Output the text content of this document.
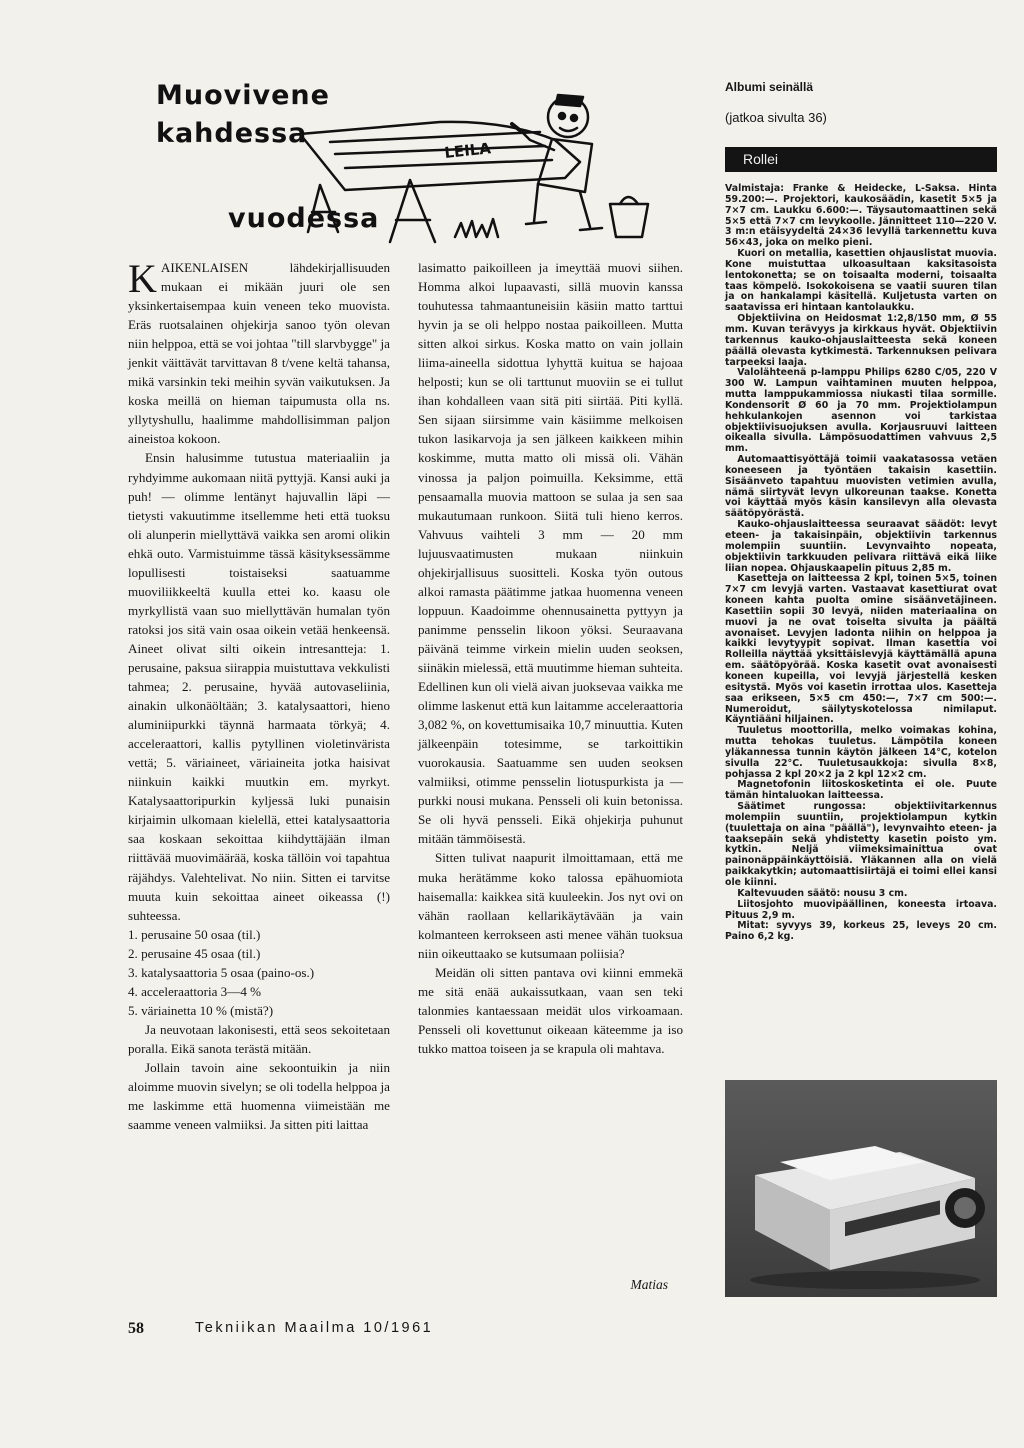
Muovivene
kahdessa
vuodessa
LEILA

KAIKENLAISEN lähdekirjallisuuden mukaan ei mikään juuri ole sen yksinkertaisempaa kuin veneen teko muovista. Eräs ruotsalainen ohjekirja sanoo työn olevan niin helppoa, että se voi johtaa "till slarvbygge" ja jenkit väittävät tarvittavan 8 t/vene keltä tahansa, mikä varsinkin teki meihin syvän vaikutuksen. Ja koska meillä on hieman taipumusta olla ns. yllytyshullu, haalimme mahdollisimman paljon aineistoa kokoon.

Ensin halusimme tutustua materiaaliin ja ryhdyimme aukomaan niitä pyttyjä. Kansi auki ja puh! — olimme lentänyt hajuvallin läpi — tietysti vakuutimme itsellemme heti että tuoksu oli alunperin miellyttävä vaikka sen aromi olikin ehkä outo. Varmistuimme tässä käsityksessämme lopullisesti toistaiseksi saatuamme muoviliikkeeltä kuulla ettei ko. kaasu ole myrkyllistä vaan suo miellyttävän humalan työn ratoksi jos sitä vain osaa oikein vetää henkeensä. Aineet olivat silti oikein intresantteja: 1. perusaine, paksua siirappia muistuttava vekkulisti tahmea; 2. perusaine, hyvää autovaseliinia, ainakin ulkonäöltään; 3. katalysaattori, hieno aluminiipurkki täynnä harmaata törkyä; 4. acceleraattori, kallis pytyllinen violetinvärista vettä; 5. väriaineet, väriaineita jotka haisivat niinkuin kaikki muutkin em. myrkyt. Katalysaattoripurkin kyljessä luki punaisin kirjaimin ulkomaan kielellä, ettei katalysaattoria saa koskaan sekoittaa kiihdyttäjään ilman riittävää muovimäärää, koska tällöin voi tapahtua räjähdys. Valehtelivat. No niin. Sitten ei tarvitse muuta kuin sekoittaa aineet oikeassa (!) suhteessa.

1. perusaine 50 osaa (til.)

2. perusaine 45 osaa (til.)

3. katalysaattoria 5 osaa (paino-os.)

4. acceleraattoria 3—4 %

5. väriainetta 10 % (mistä?)

Ja neuvotaan lakonisesti, että seos sekoitetaan poralla. Eikä sanota terästä mitään.

Jollain tavoin aine sekoontuikin ja niin aloimme muovin sivelyn; se oli todella helppoa ja me laskimme että huomenna viimeistään me saamme veneen valmiiksi. Ja sitten piti laittaa

lasimatto paikoilleen ja imeyttää muovi siihen. Homma alkoi lupaavasti, sillä muovin kanssa touhutessa tahmaantuneisiin käsiin matto tarttui hyvin ja se oli helppo nostaa paikoilleen. Mutta sitten alkoi sirkus. Koska matto on vain jollain liima-aineella sidottua lyhyttä kuitua se hajoaa helposti; kun se oli tarttunut muoviin se ei tullut ihan kohdalleen vaan sitä piti siirtää. Piti kyllä. Sen sijaan siirsimme vain käsiimme melkoisen tukon lasikarvoja ja sen jälkeen kaikkeen mihin koskimme, mutta matto oli missä oli. Vähän vinossa ja paljon poimuilla. Keksimme, että pensaamalla muovia mattoon se sulaa ja sen saa mukautumaan runkoon. Siitä tuli hieno kerros. Vahvuus vaihteli 3 mm — 20 mm lujuusvaatimusten mukaan niinkuin ohjekirjallisuus suositteli. Koska työn outous alkoi ramasta päätimme jatkaa huomenna veneen loppuun. Kaadoimme ohennusainetta pyttyyn ja panimme pensselin likoon yöksi. Seuraavana päivänä teimme virkein mielin uuden seoksen, siinäkin mielessä, että muutimme hieman suhteita. Edellinen kun oli vielä aivan juoksevaa vaikka me olimme laskenut että kun laitamme acceleraattoria 3,082 %, on kovettumisaika 10,7 minuuttia. Kuten jälkeenpäin totesimme, se tarkoittikin vuorokausia. Saatuamme sen uuden seoksen valmiiksi, otimme pensselin liotuspurkista ja — purkki nousi mukana. Pensseli oli kuin betonissa. Se oli hyvä pensseli. Eikä ohjekirja puhunut mitään tämmöisestä.

Sitten tulivat naapurit ilmoittamaan, että me muka herätämme koko talossa epähuomiota haisemalla: kaikkea sitä kuuleekin. Jos nyt ovi on vähän raollaan kellarikäytävään ja vain kolmanteen kerrokseen asti menee vähän tuoksua niin oikeuttaako se kutsumaan poliisia?

Meidän oli sitten pantava ovi kiinni emmekä me sitä enää aukaissutkaan, vaan sen teki talonmies kantaessaan meidät ulos virkoamaan. Pensseli oli kovettunut oikeaan käteemme ja iso tukko mattoa toiseen ja se krapula oli mahtava.

Matias
Albumi seinällä
(jatkoa sivulta 36)
Rollei

Valmistaja: Franke & Heidecke, L-Saksa. Hinta 59.200:—. Projektori, kaukosäädin, kasetit 5×5 ja 7×7 cm. Laukku 6.600:—. Täysautomaattinen sekä 5×5 että 7×7 cm levykoolle. Jännitteet 110—220 V. 3 m:n etäisyydeltä 24×36 levyllä tarkennettu kuva 56×43, joka on melko pieni.

Kuori on metallia, kasettien ohjauslistat muovia. Kone muistuttaa ulkoasultaan kaksitasoista lentokonetta; se on toisaalta moderni, toisaalta taas kömpelö. Isokokoisena se vaatii suuren tilan ja on hankalampi käsitellä. Kuljetusta varten on saatavissa eri hintaan kantolaukku.

Objektiivina on Heidosmat 1:2,8/150 mm, Ø 55 mm. Kuvan terävyys ja kirkkaus hyvät. Objektiivin tarkennus kauko-ohjauslaitteesta sekä koneen päällä olevasta kytkimestä. Tarkennuksen pelivara tarpeeksi laaja.

Valolähteenä p-lamppu Philips 6280 C/05, 220 V 300 W. Lampun vaihtaminen muuten helppoa, mutta lamppukammiossa niukasti tilaa sormille. Kondensorit Ø 60 ja 70 mm. Projektiolampun hehkulankojen asennon voi tarkistaa objektiivisuojuksen avulla. Korjausruuvi laitteen oikealla sivulla. Lämpösuodattimen vahvuus 2,5 mm.

Automaattisyöttäjä toimii vaakatasossa vetäen koneeseen ja työntäen takaisin kasettiin. Sisäänveto tapahtuu muovisten vetimien avulla, nämä siirtyvät levyn ulkoreunan taakse. Konetta voi käyttää myös käsin kansilevyn alla olevasta säätöpyörästä.

Kauko-ohjauslaitteessa seuraavat säädöt: levyt eteen- ja takaisinpäin, objektiivin tarkennus molempiin suuntiin. Levynvaihto nopeata, objektiivin tarkkuuden pelivara riittävä eikä liike liian nopea. Ohjauskaapelin pituus 2,85 m.

Kasetteja on laitteessa 2 kpl, toinen 5×5, toinen 7×7 cm levyjä varten. Vastaavat kasettiurat ovat koneen kahta puolta omine sisäänvetäjineen. Kasettiin sopii 30 levyä, niiden materiaalina on muovi ja ne ovat toiselta sivulta ja päältä avonaiset. Levyjen ladonta niihin on helppoa ja kaikki levytyypit sopivat. Ilman kasettia voi Rolleilla näyttää yksittäislevyjä käyttämällä apuna em. säätöpyörää. Koska kasetit ovat avonaisesti koneen kupeilla, voi levyjä järjestellä kesken esitystä. Myös voi kasetin irrottaa ulos. Kasetteja saa erikseen, 5×5 cm 450:—, 7×7 cm 500:—. Numeroidut, säilytyskotelossa nimilaput. Käyntiääni hiljainen.

Tuuletus moottorilla, melko voimakas kohina, mutta tehokas tuuletus. Lämpötila koneen yläkannessa tunnin käytön jälkeen 14°C, kotelon sivulla 22°C. Tuuletusaukkoja: sivulla 8×8, pohjassa 2 kpl 20×2 ja 2 kpl 12×2 cm.

Magnetofonin liitoskosketinta ei ole. Puute tämän hintaluokan laitteessa.

Säätimet rungossa: objektiivitarkennus molempiin suuntiin, projektiolampun kytkin (tuulettaja on aina "päällä"), levynvaihto eteen- ja taaksepäin sekä yhdistetty kasetin poisto ym. kytkin. Neljä viimeksimainittua ovat painonäppäinkäyttöisiä. Yläkannen alla on vielä paikkakytkin; automaattisiirtäjä ei toimi ellei kansi ole kiinni.

Kaltevuuden säätö: nousu 3 cm.

Liitosjohto muovipäällinen, koneesta irtoava. Pituus 2,9 m.

Mitat: syvyys 39, korkeus 25, leveys 20 cm. Paino 6,2 kg.

58	Tekniikan Maailma 10/1961
